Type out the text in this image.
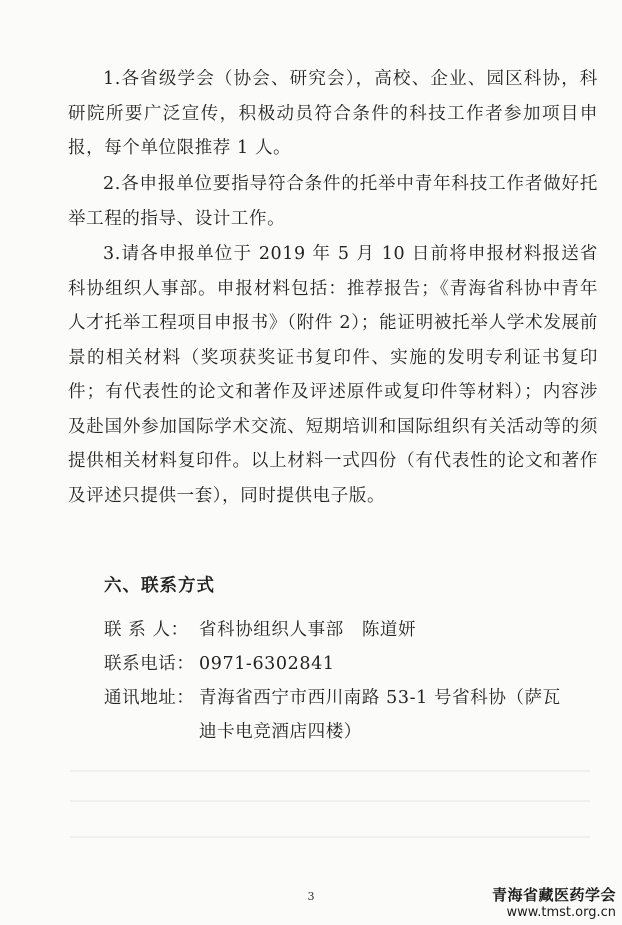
1.各省级学会（协会、研究会），高校、企业、园区科协，科研院所要广泛宣传，积极动员符合条件的科技工作者参加项目申报，每个单位限推荐 1 人。

2.各申报单位要指导符合条件的托举中青年科技工作者做好托举工程的指导、设计工作。

3.请各申报单位于 2019 年 5 月 10 日前将申报材料报送省科协组织人事部。申报材料包括：推荐报告；《青海省科协中青年人才托举工程项目申报书》（附件 2）；能证明被托举人学术发展前景的相关材料（奖项获奖证书复印件、实施的发明专利证书复印件；有代表性的论文和著作及评述原件或复印件等材料）；内容涉及赴国外参加国际学术交流、短期培训和国际组织有关活动等的须提供相关材料复印件。以上材料一式四份（有代表性的论文和著作及评述只提供一套），同时提供电子版。

六、联系方式
联 系 人： 省科协组织人事部 陈道妍
联系电话： 0971-6302841
通讯地址： 青海省西宁市西川南路 53-1 号省科协（萨瓦
迪卡电竞酒店四楼）
3	青海省藏医药学会
www.tmst.org.cn
